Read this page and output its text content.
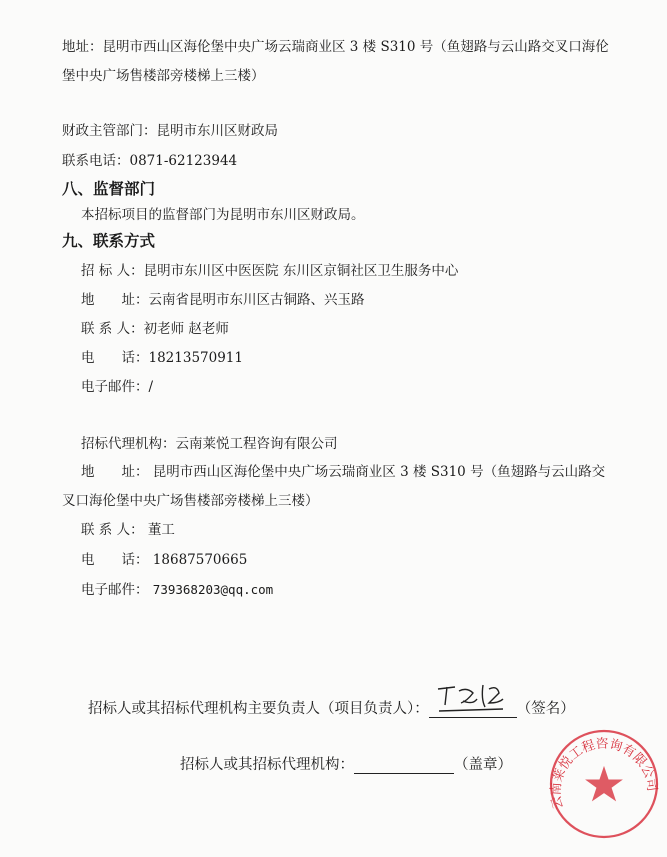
地址：昆明市西山区海伦堡中央广场云瑞商业区 3 楼 S310 号（鱼翅路与云山路交叉口海伦
堡中央广场售楼部旁楼梯上三楼）
财政主管部门：昆明市东川区财政局
联系电话：0871-62123944
八、监督部门
本招标项目的监督部门为昆明市东川区财政局。
九、联系方式
招 标 人：昆明市东川区中医医院 东川区京铜社区卫生服务中心
地　　址：云南省昆明市东川区古铜路、兴玉路
联 系 人：初老师 赵老师
电　　话：18213570911
电子邮件：/
招标代理机构：云南莱悦工程咨询有限公司
地　　址： 昆明市西山区海伦堡中央广场云瑞商业区 3 楼 S310 号（鱼翅路与云山路交
叉口海伦堡中央广场售楼部旁楼梯上三楼）
联 系 人： 董工
电　　话： 18687570665
电子邮件： 739368203@qq.com
招标人或其招标代理机构主要负责人（项目负责人）：	（签名）
招标人或其招标代理机构：	（盖章）
云南莱悦工程咨询有限公司
